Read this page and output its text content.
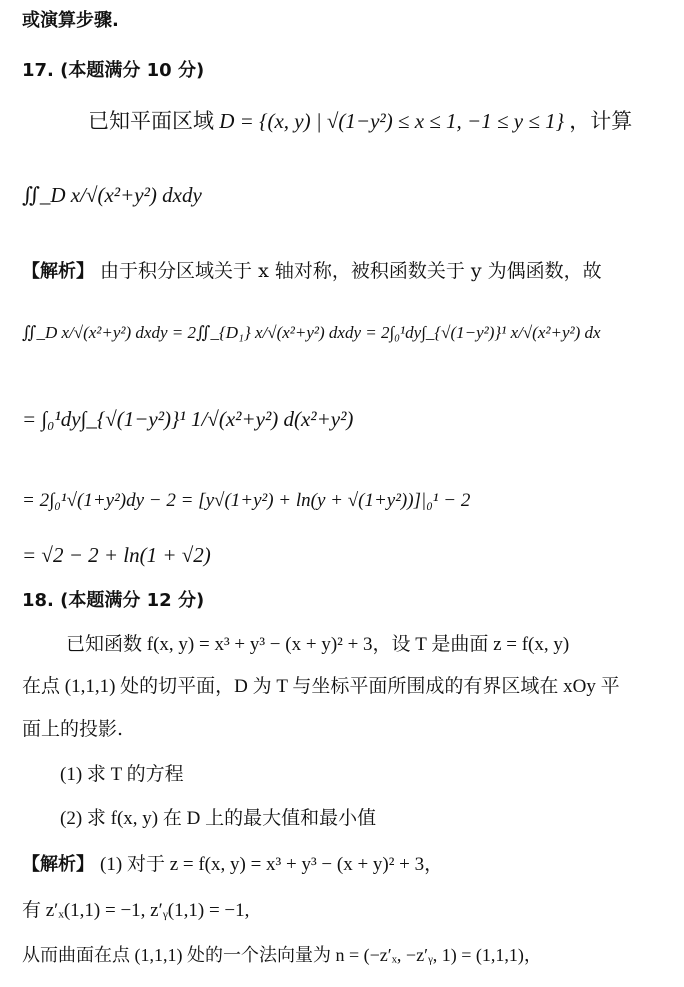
或演算步骤.
17. (本题满分 10 分)
已知平面区域 D = {(x, y) | √(1−y²) ≤ x ≤ 1, −1 ≤ y ≤ 1} ，计算
∬_D x/√(x²+y²) dxdy
【解析】 由于积分区域关于 x 轴对称，被积函数关于 y 为偶函数，故
∬_D x/√(x²+y²) dxdy = 2∬_{D₁} x/√(x²+y²) dxdy = 2∫₀¹dy∫_{√(1−y²)}¹ x/√(x²+y²) dx
= ∫₀¹dy∫_{√(1−y²)}¹ 1/√(x²+y²) d(x²+y²)
= 2∫₀¹√(1+y²)dy − 2 = [y√(1+y²) + ln(y + √(1+y²))]|₀¹ − 2
= √2 − 2 + ln(1 + √2)
18. (本题满分 12 分)
已知函数 f(x, y) = x³ + y³ − (x + y)² + 3，设 T 是曲面 z = f(x, y)
在点 (1,1,1) 处的切平面，D 为 T 与坐标平面所围成的有界区域在 xOy 平
面上的投影.
(1) 求 T 的方程
(2) 求 f(x, y) 在 D 上的最大值和最小值
【解析】 (1) 对于 z = f(x, y) = x³ + y³ − (x + y)² + 3，
有 z′ₓ(1,1) = −1, z′ᵧ(1,1) = −1,
从而曲面在点 (1,1,1) 处的一个法向量为 n = (−z′ₓ, −z′ᵧ, 1) = (1,1,1)，
